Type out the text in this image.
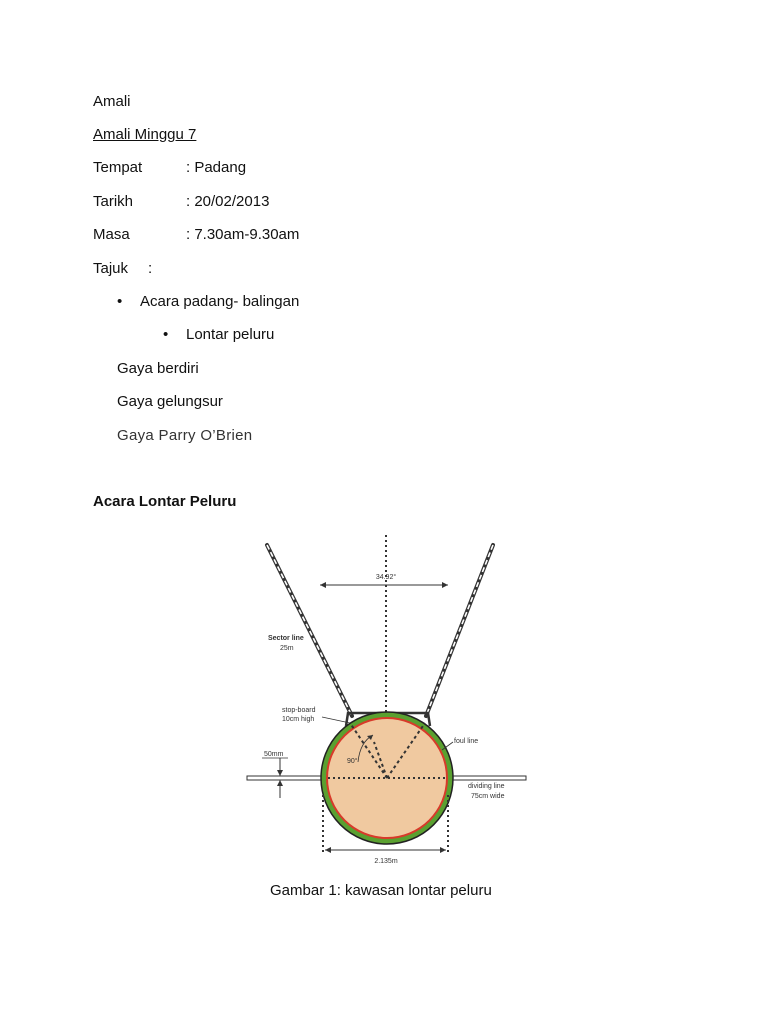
Amali
Amali Minggu 7
Tempat	: Padang
Tarikh	: 20/02/2013
Masa	: 7.30am-9.30am
Tajuk :
• Acara padang- balingan
• Lontar peluru
Gaya berdiri
Gaya gelungsur
Gaya Parry O’Brien
Acara Lontar Peluru
34.92°
Sector line
25m
stop-board
10cm high
90°
foul line
dividing line
75cm wide
50mm
2.135m
Gambar 1: kawasan lontar peluru
